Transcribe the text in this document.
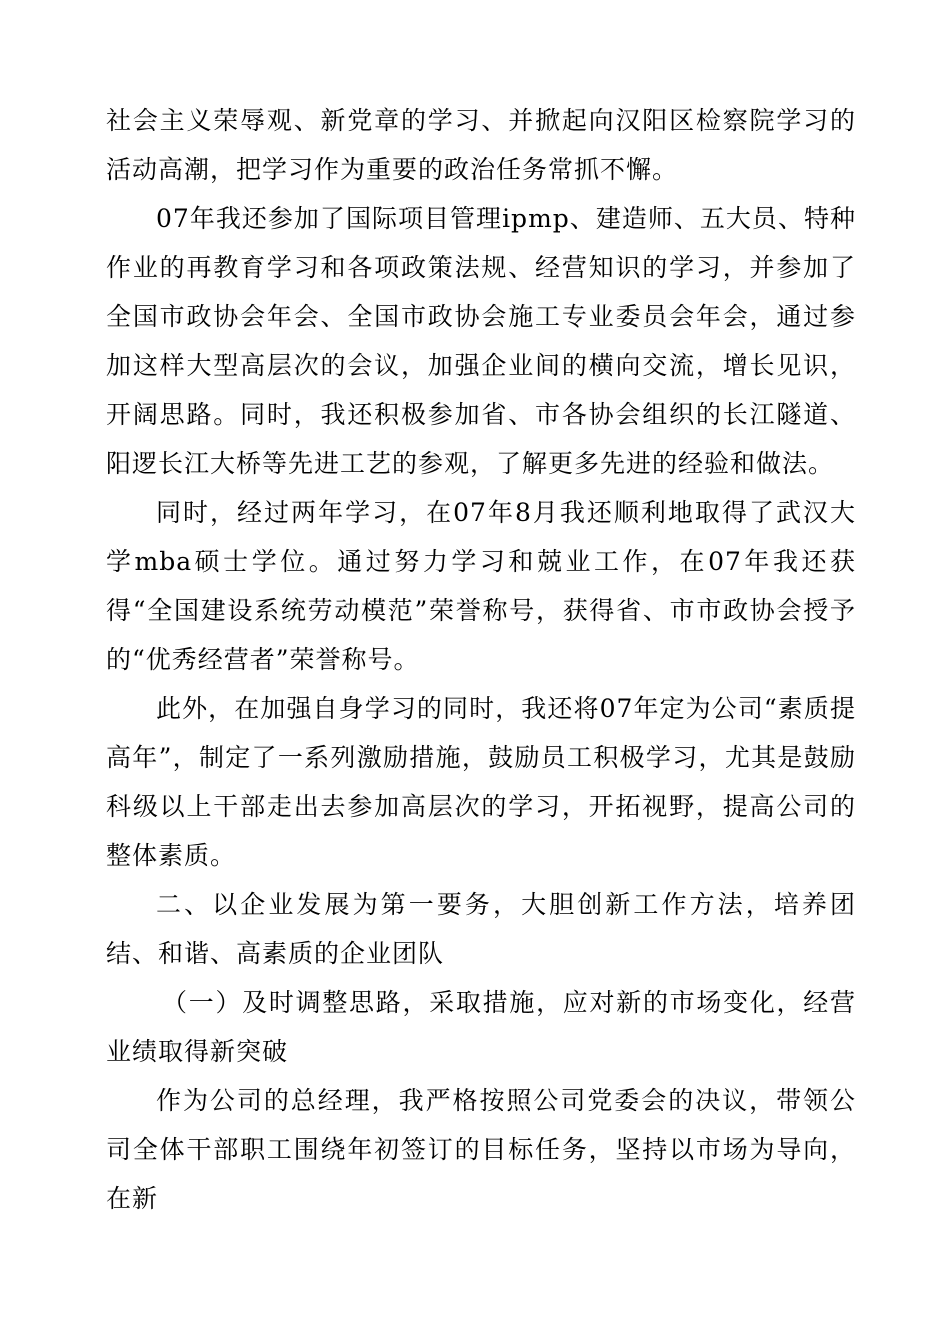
社会主义荣辱观、新党章的学习、并掀起向汉阳区检察院学习的活动高潮，把学习作为重要的政治任务常抓不懈。

07年我还参加了国际项目管理ipmp、建造师、五大员、特种作业的再教育学习和各项政策法规、经营知识的学习，并参加了全国市政协会年会、全国市政协会施工专业委员会年会，通过参加这样大型高层次的会议，加强企业间的横向交流，增长见识，开阔思路。同时，我还积极参加省、市各协会组织的长江隧道、阳逻长江大桥等先进工艺的参观，了解更多先进的经验和做法。

同时，经过两年学习，在07年8月我还顺利地取得了武汉大学mba硕士学位。通过努力学习和兢业工作，在07年我还获得“全国建设系统劳动模范”荣誉称号，获得省、市市政协会授予的“优秀经营者”荣誉称号。

此外，在加强自身学习的同时，我还将07年定为公司“素质提高年”，制定了一系列激励措施，鼓励员工积极学习，尤其是鼓励科级以上干部走出去参加高层次的学习，开拓视野，提高公司的整体素质。

二、以企业发展为第一要务，大胆创新工作方法，培养团结、和谐、高素质的企业团队

（一）及时调整思路，采取措施，应对新的市场变化，经营业绩取得新突破

作为公司的总经理，我严格按照公司党委会的决议，带领公司全体干部职工围绕年初签订的目标任务，坚持以市场为导向，在新
